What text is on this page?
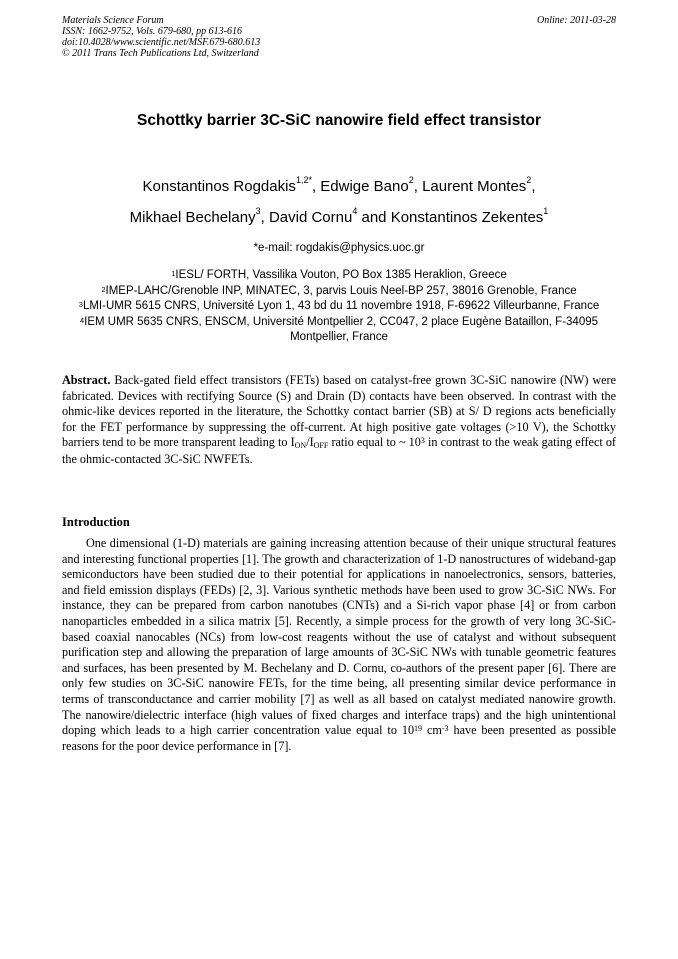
Materials Science Forum
ISSN: 1662-9752, Vols. 679-680, pp 613-616
doi:10.4028/www.scientific.net/MSF.679-680.613
© 2011 Trans Tech Publications Ltd, Switzerland
Online: 2011-03-28
Schottky barrier 3C-SiC nanowire field effect transistor
Konstantinos Rogdakis$^{1,2*}$, Edwige Bano$^2$, Laurent Montes$^2$,
Mikhael Bechelany$^3$, David Cornu$^4$ and Konstantinos Zekentes$^1$
*e-mail: rogdakis@physics.uoc.gr
$^1$IESL/ FORTH, Vassilika Vouton, PO Box 1385 Heraklion, Greece
$^2$IMEP-LAHC/Grenoble INP, MINATEC, 3, parvis Louis Neel-BP 257, 38016 Grenoble, France
$^3$LMI-UMR 5615 CNRS, Université Lyon 1, 43 bd du 11 novembre 1918, F-69622 Villeurbanne, France
$^4$IEM UMR 5635 CNRS, ENSCM, Université Montpellier 2, CC047, 2 place Eugène Bataillon, F-34095 Montpellier, France
Abstract. Back-gated field effect transistors (FETs) based on catalyst-free grown 3C-SiC nanowire (NW) were fabricated. Devices with rectifying Source (S) and Drain (D) contacts have been observed. In contrast with the ohmic-like devices reported in the literature, the Schottky contact barrier (SB) at S/ D regions acts beneficially for the FET performance by suppressing the off-current. At high positive gate voltages (>10 V), the Schottky barriers tend to be more transparent leading to $I_{ON}/I_{OFF}$ ratio equal to ~ $10^3$ in contrast to the weak gating effect of the ohmic-contacted 3C-SiC NWFETs.
Introduction
One dimensional (1-D) materials are gaining increasing attention because of their unique structural features and interesting functional properties [1]. The growth and characterization of 1-D nanostructures of wideband-gap semiconductors have been studied due to their potential for applications in nanoelectronics, sensors, batteries, and field emission displays (FEDs) [2, 3]. Various synthetic methods have been used to grow 3C-SiC NWs. For instance, they can be prepared from carbon nanotubes (CNTs) and a Si-rich vapor phase [4] or from carbon nanoparticles embedded in a silica matrix [5]. Recently, a simple process for the growth of very long 3C-SiC-based coaxial nanocables (NCs) from low-cost reagents without the use of catalyst and without subsequent purification step and allowing the preparation of large amounts of 3C-SiC NWs with tunable geometric features and surfaces, has been presented by M. Bechelany and D. Cornu, co-authors of the present paper [6]. There are only few studies on 3C-SiC nanowire FETs, for the time being, all presenting similar device performance in terms of transconductance and carrier mobility [7] as well as all based on catalyst mediated nanowire growth. The nanowire/dielectric interface (high values of fixed charges and interface traps) and the high unintentional doping which leads to a high carrier concentration value equal to $10^{19}$ $cm^{-3}$ have been presented as possible reasons for the poor device performance in [7].
